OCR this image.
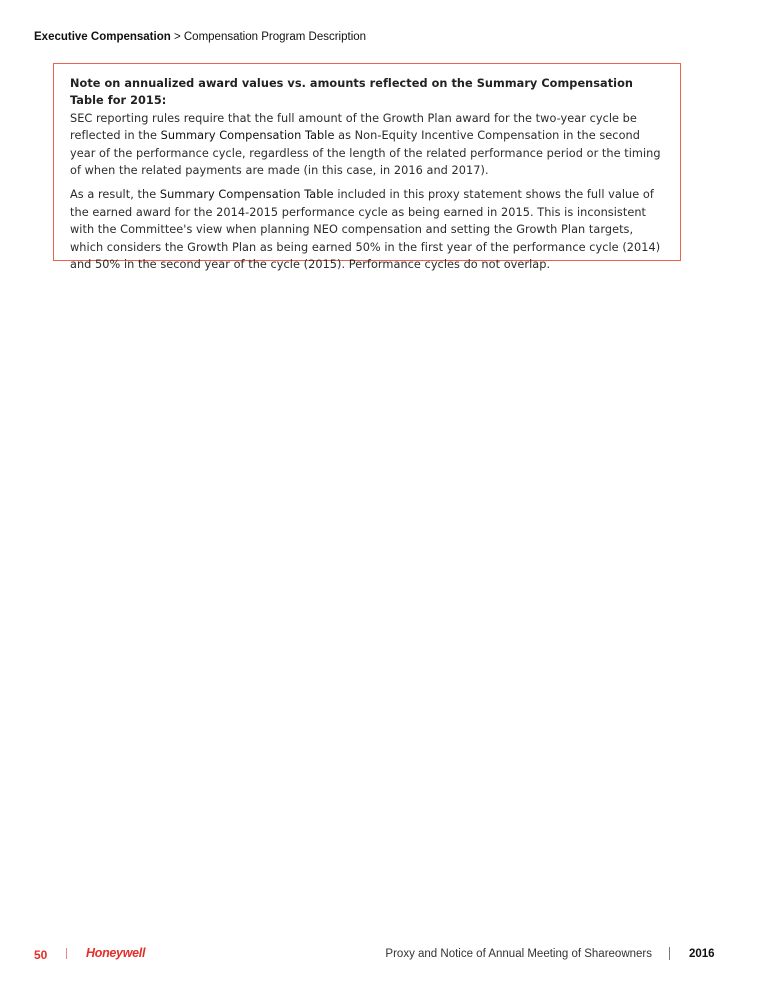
Executive Compensation > Compensation Program Description

Note on annualized award values vs. amounts reflected on the Summary Compensation Table for 2015:
SEC reporting rules require that the full amount of the Growth Plan award for the two-year cycle be reflected in the Summary Compensation Table as Non-Equity Incentive Compensation in the second year of the performance cycle, regardless of the length of the related performance period or the timing of when the related payments are made (in this case, in 2016 and 2017).

As a result, the Summary Compensation Table included in this proxy statement shows the full value of the earned award for the 2014-2015 performance cycle as being earned in 2015. This is inconsistent with the Committee's view when planning NEO compensation and setting the Growth Plan targets, which considers the Growth Plan as being earned 50% in the first year of the performance cycle (2014) and 50% in the second year of the cycle (2015). Performance cycles do not overlap.

50	Honeywell	Proxy and Notice of Annual Meeting of Shareowners	2016
